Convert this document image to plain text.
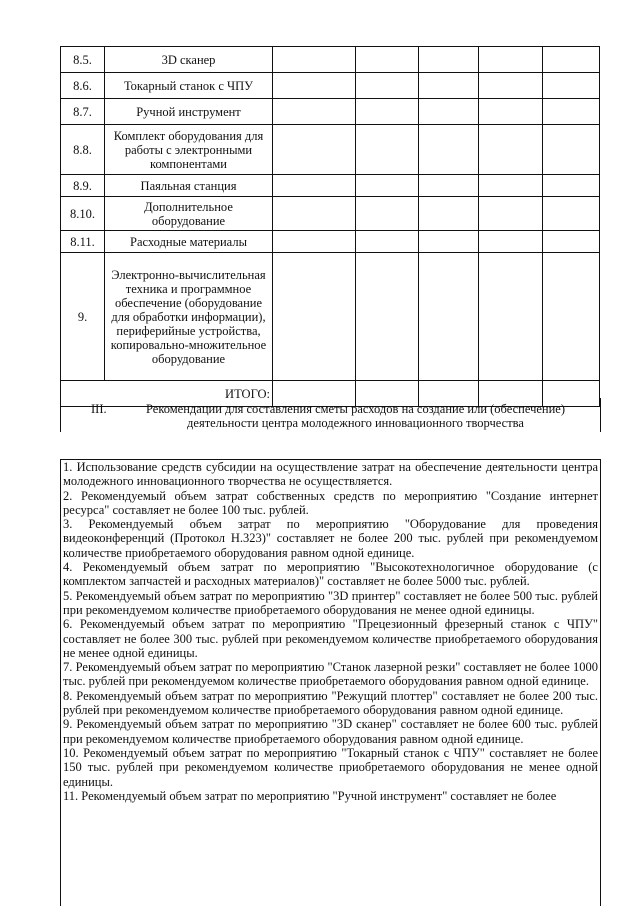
8.5.	3D сканер					
8.6.	Токарный станок с ЧПУ					
8.7.	Ручной инструмент					
8.8.	Комплект оборудования для работы с электронными компонентами					
8.9.	Паяльная станция					
8.10.	Дополнительное оборудование					
8.11.	Расходные материалы					
9.	Электронно-вычислительная техника и программное обеспечение (оборудование для обработки информации), периферийные устройства, копировально-множительное оборудование					
ИТОГО:						
III.	Рекомендации для составления сметы расходов на создание или (обеспечение) деятельности центра молодежного инновационного творчества
1. Использование средств субсидии на осуществление затрат на обеспечение деятельности центра молодежного инновационного творчества не осуществляется.
2. Рекомендуемый объем затрат собственных средств по мероприятию "Создание интернет ресурса" составляет не более 100 тыс. рублей.
3. Рекомендуемый объем затрат по мероприятию "Оборудование для проведения видеоконференций (Протокол Н.323)" составляет не более 200 тыс. рублей при рекомендуемом количестве приобретаемого оборудования равном одной единице.
4. Рекомендуемый объем затрат по мероприятию "Высокотехнологичное оборудование (с комплектом запчастей и расходных материалов)" составляет не более 5000 тыс. рублей.
5. Рекомендуемый объем затрат по мероприятию "3D принтер" составляет не более 500 тыс. рублей при рекомендуемом количестве приобретаемого оборудования не менее одной единицы.
6. Рекомендуемый объем затрат по мероприятию "Прецезионный фрезерный станок с ЧПУ" составляет не более 300 тыс. рублей при рекомендуемом количестве приобретаемого оборудования не менее одной единицы.
7. Рекомендуемый объем затрат по мероприятию "Станок лазерной резки" составляет не более 1000 тыс. рублей при рекомендуемом количестве приобретаемого оборудования равном одной единице.
8. Рекомендуемый объем затрат по мероприятию "Режущий плоттер" составляет не более 200 тыс. рублей при рекомендуемом количестве приобретаемого оборудования равном одной единице.
9. Рекомендуемый объем затрат по мероприятию "3D сканер" составляет не более 600 тыс. рублей при рекомендуемом количестве приобретаемого оборудования равном одной единице.
10. Рекомендуемый объем затрат по мероприятию "Токарный станок с ЧПУ" составляет не более 150 тыс. рублей при рекомендуемом количестве приобретаемого оборудования не менее одной единицы.
11. Рекомендуемый объем затрат по мероприятию "Ручной инструмент" составляет не более
